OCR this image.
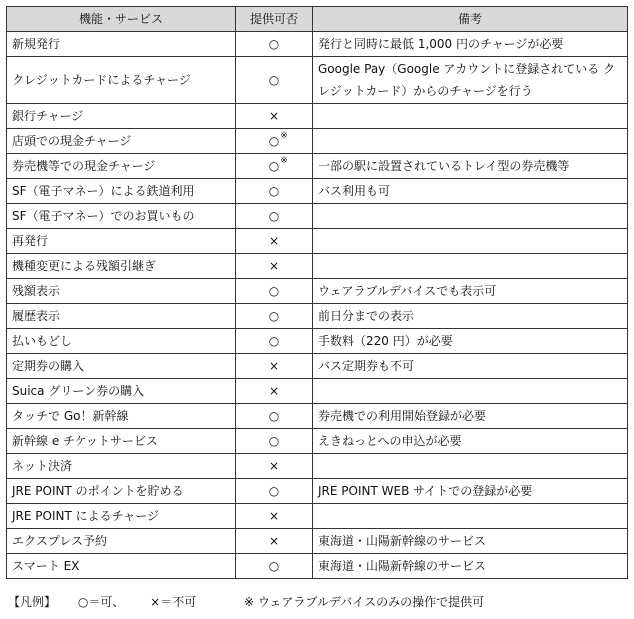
機能・サービス	提供可否	備考
新規発行	○	発行と同時に最低 1,000 円のチャージが必要
クレジットカードによるチャージ	○	Google Pay（Google アカウントに登録されている クレジットカード）からのチャージを行う
銀行チャージ	×	
店頭での現金チャージ	○ ※	

券売機等での現金チャージ	○ ※	一部の駅に設置されているトレイ型の券売機等
SF（電子マネー）による鉄道利用	○	バス利用も可
SF（電子マネー）でのお買いもの	○	
再発行	×	
機種変更による残額引継ぎ	×	
残額表示	○	ウェアラブルデバイスでも表示可
履歴表示	○	前日分までの表示
払いもどし	○	手数料（220 円）が必要
定期券の購入	×	バス定期券も不可
Suica グリーン券の購入	×	
タッチで Go！新幹線	○	券売機での利用開始登録が必要
新幹線 e チケットサービス	○	えきねっとへの申込が必要
ネット決済	×	
JRE POINT のポイントを貯める	○	JRE POINT WEB サイトでの登録が必要
JRE POINT によるチャージ	×	
エクスプレス予約	×	東海道・山陽新幹線のサービス
スマート EX	○	東海道・山陽新幹線のサービス
【凡例】 ○＝可、 ×＝不可	※ ウェアラブルデバイスのみの操作で提供可
